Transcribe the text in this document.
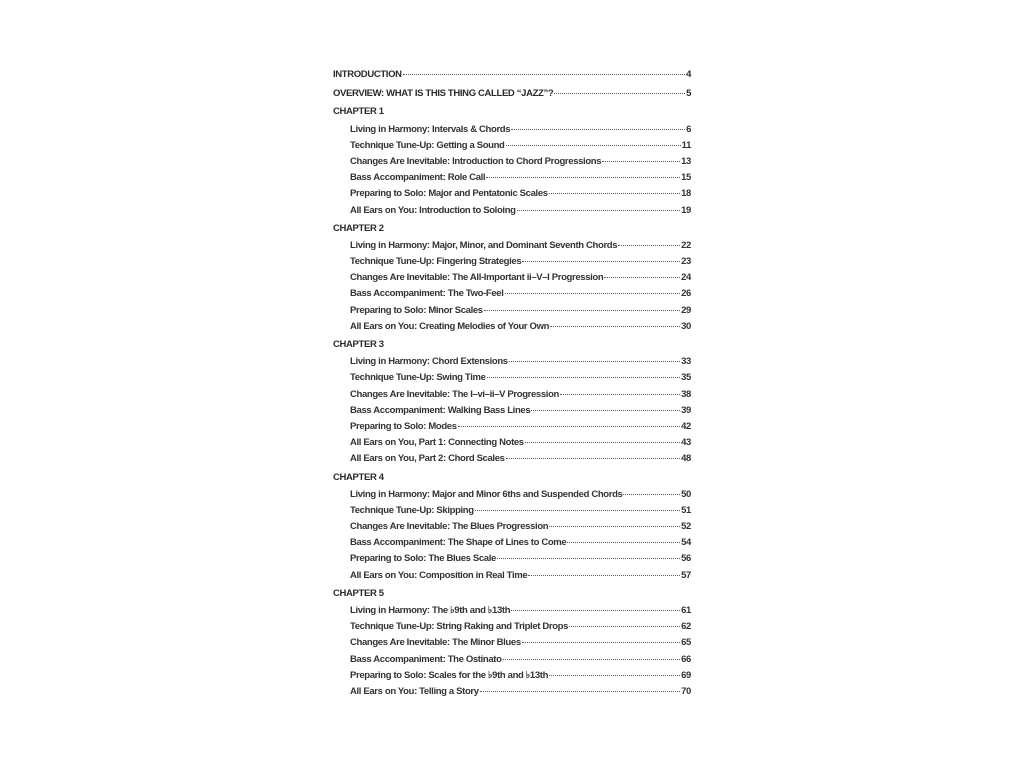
INTRODUCTION	4
OVERVIEW: WHAT IS THIS THING CALLED “JAZZ”?	5
CHAPTER 1
Living in Harmony: Intervals & Chords	6
Technique Tune-Up: Getting a Sound	11
Changes Are Inevitable: Introduction to Chord Progressions	13
Bass Accompaniment: Role Call	15
Preparing to Solo: Major and Pentatonic Scales	18
All Ears on You: Introduction to Soloing	19
CHAPTER 2
Living in Harmony: Major, Minor, and Dominant Seventh Chords	22
Technique Tune-Up: Fingering Strategies	23
Changes Are Inevitable: The All-Important ii–V–I Progression	24
Bass Accompaniment: The Two-Feel	26
Preparing to Solo: Minor Scales	29
All Ears on You: Creating Melodies of Your Own	30
CHAPTER 3
Living in Harmony: Chord Extensions	33
Technique Tune-Up: Swing Time	35
Changes Are Inevitable: The I–vi–ii–V Progression	38
Bass Accompaniment: Walking Bass Lines	39
Preparing to Solo: Modes	42
All Ears on You, Part 1: Connecting Notes	43
All Ears on You, Part 2: Chord Scales	48
CHAPTER 4
Living in Harmony: Major and Minor 6ths and Suspended Chords	50
Technique Tune-Up: Skipping	51
Changes Are Inevitable: The Blues Progression	52
Bass Accompaniment: The Shape of Lines to Come	54
Preparing to Solo: The Blues Scale	56
All Ears on You: Composition in Real Time	57
CHAPTER 5
Living in Harmony: The ♭9th and ♭13th	61
Technique Tune-Up: String Raking and Triplet Drops	62
Changes Are Inevitable: The Minor Blues	65
Bass Accompaniment: The Ostinato	66
Preparing to Solo: Scales for the ♭9th and ♭13th	69
All Ears on You: Telling a Story	70
